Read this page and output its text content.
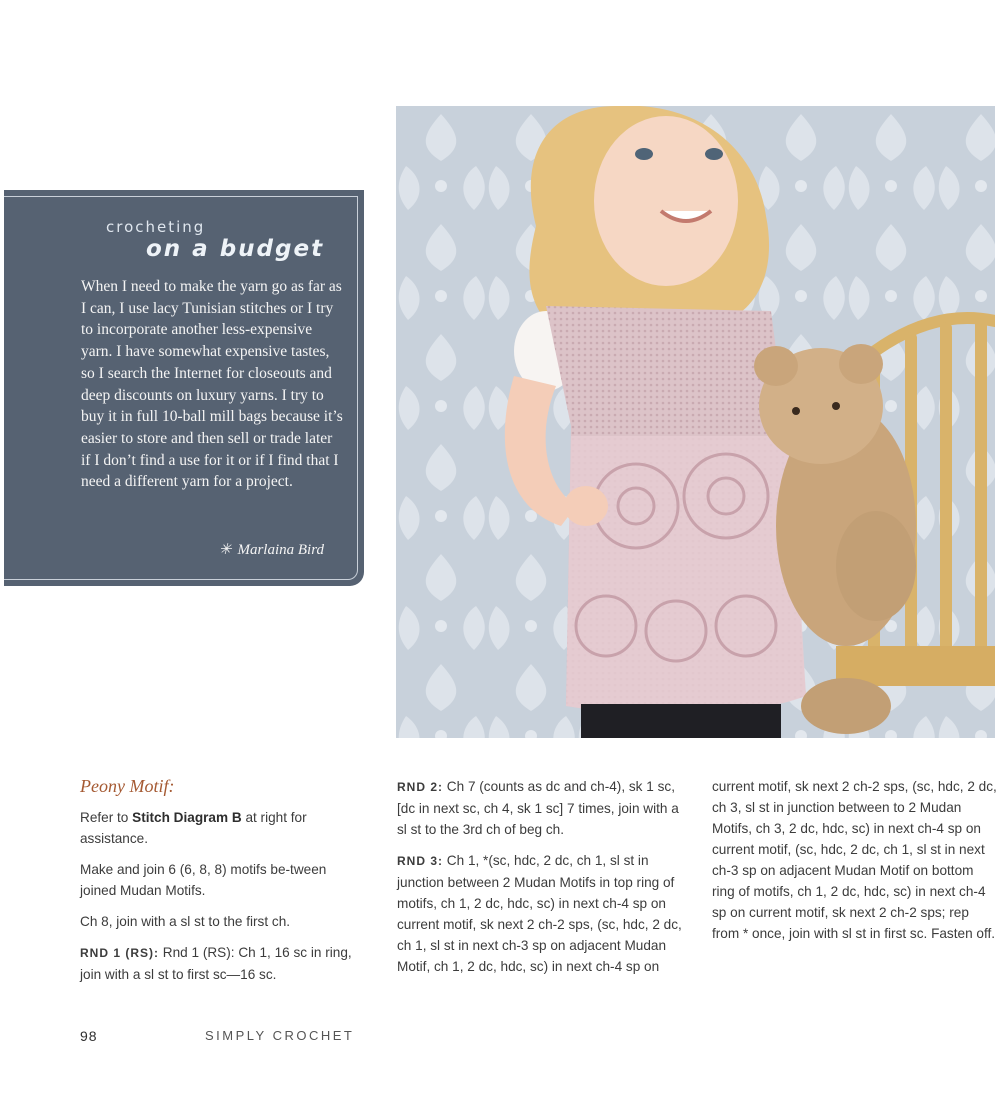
crocheting
on a budget
When I need to make the yarn go as far as I can, I use lacy Tunisian stitches or I try to incorporate another less-expensive yarn. I have somewhat expensive tastes, so I search the Internet for closeouts and deep discounts on luxury yarns. I try to buy it in full 10-ball mill bags because it’s easier to store and then sell or trade later if I don’t find a use for it or if I find that I need a different yarn for a project.
✳ Marlaina Bird

Peony Motif:

Refer to Stitch Diagram B at right for assistance.

Make and join 6 (6, 8, 8) motifs be-tween joined Mudan Motifs.

Ch 8, join with a sl st to the first ch.

RND 1 (RS): Rnd 1 (RS): Ch 1, 16 sc in ring, join with a sl st to first sc—16 sc.

RND 2: Ch 7 (counts as dc and ch-4), sk 1 sc, [dc in next sc, ch 4, sk 1 sc] 7 times, join with a sl st to the 3rd ch of beg ch.

RND 3: Ch 1, *(sc, hdc, 2 dc, ch 1, sl st in junction between 2 Mudan Motifs in top ring of motifs, ch 1, 2 dc, hdc, sc) in next ch-4 sp on current motif, sk next 2 ch-2 sps, (sc, hdc, 2 dc, ch 1, sl st in next ch-3 sp on adjacent Mudan Motif, ch 1, 2 dc, hdc, sc) in next ch-4 sp on

current motif, sk next 2 ch-2 sps, (sc, hdc, 2 dc, ch 3, sl st in junction between to 2 Mudan Motifs, ch 3, 2 dc, hdc, sc) in next ch-4 sp on current motif, (sc, hdc, 2 dc, ch 1, sl st in next ch-3 sp on adjacent Mudan Motif on bottom ring of motifs, ch 1, 2 dc, hdc, sc) in next ch-4 sp on current motif, sk next 2 ch-2 sps; rep from * once, join with sl st in first sc. Fasten off.

98	SIMPLY CROCHET
